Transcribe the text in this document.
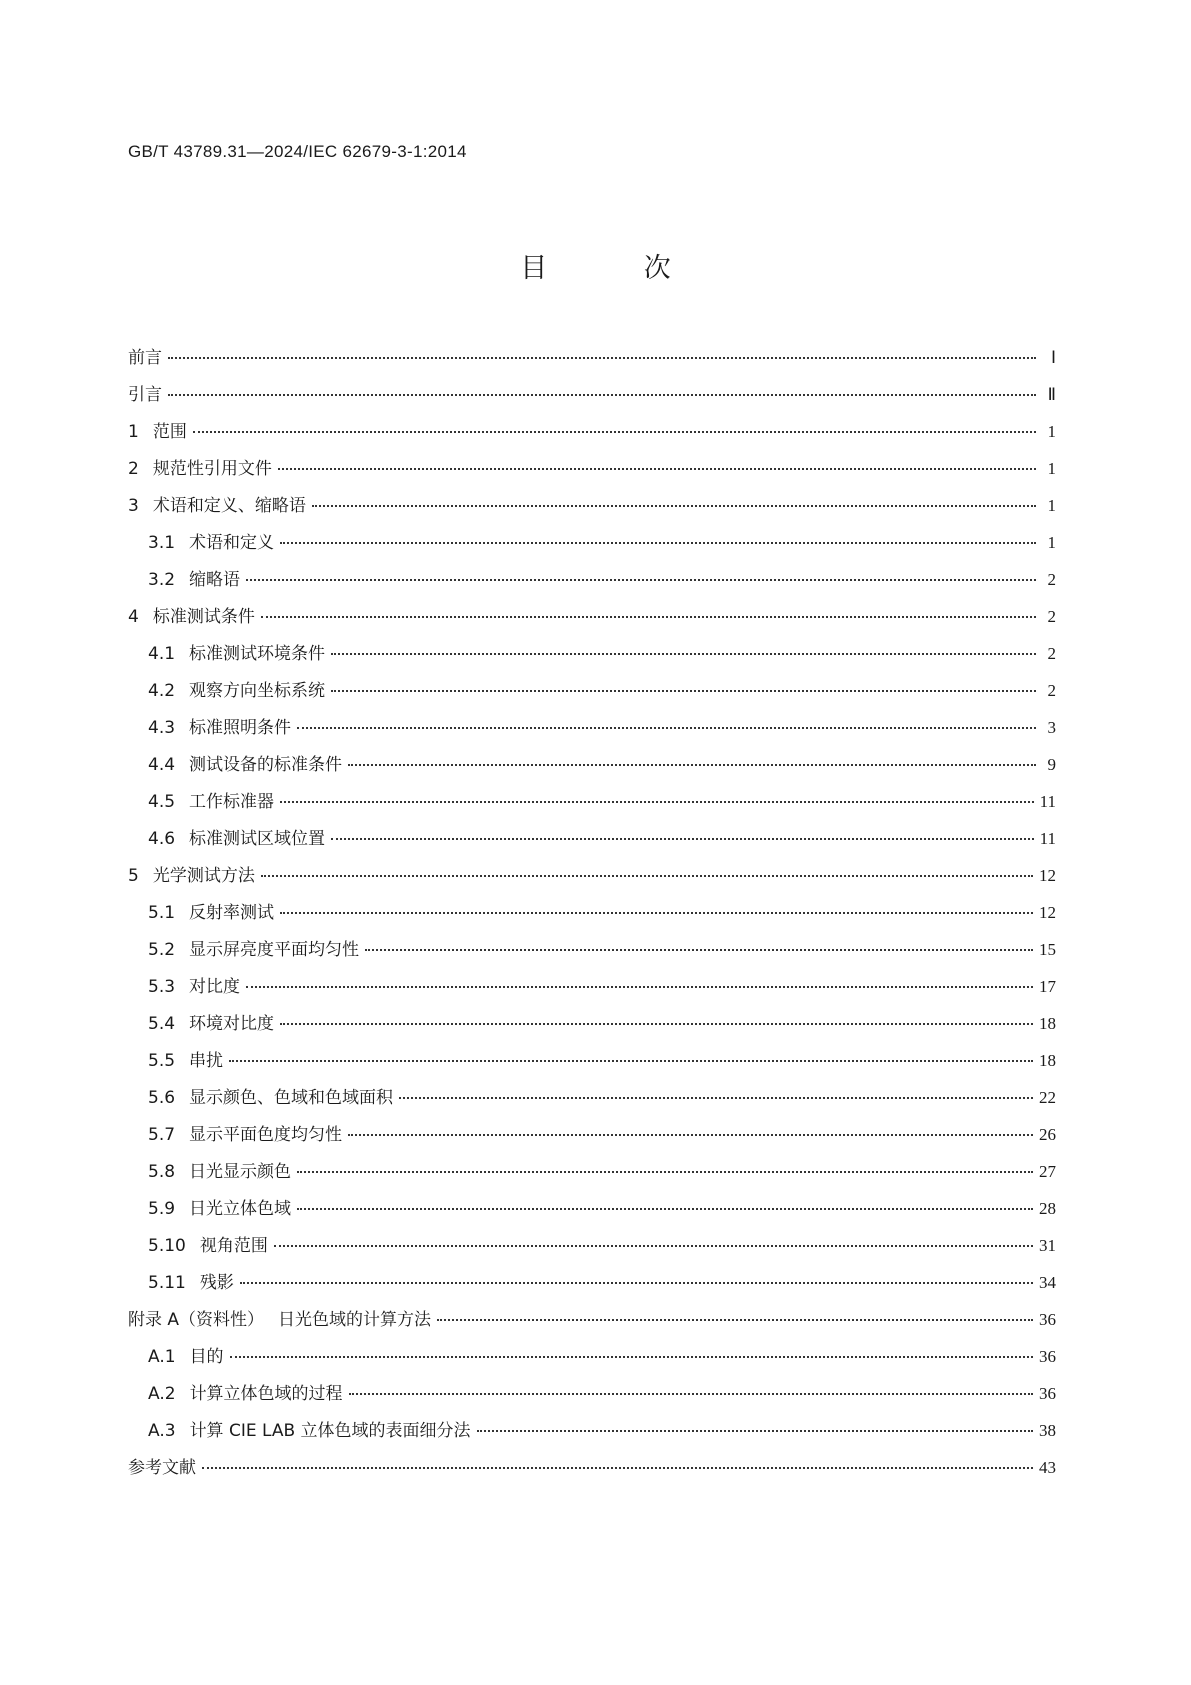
GB/T 43789.31—2024/IEC 62679-3-1:2014
目 次
前言	Ⅰ
引言	Ⅱ
1 范围	1
2 规范性引用文件	1
3 术语和定义、缩略语	1
3.1 术语和定义	1
3.2 缩略语	2
4 标准测试条件	2
4.1 标准测试环境条件	2
4.2 观察方向坐标系统	2
4.3 标准照明条件	3
4.4 测试设备的标准条件	9
4.5 工作标准器	11
4.6 标准测试区域位置	11
5 光学测试方法	12
5.1 反射率测试	12
5.2 显示屏亮度平面均匀性	15
5.3 对比度	17
5.4 环境对比度	18
5.5 串扰	18
5.6 显示颜色、色域和色域面积	22
5.7 显示平面色度均匀性	26
5.8 日光显示颜色	27
5.9 日光立体色域	28
5.10 视角范围	31
5.11 残影	34
附录 A（资料性） 日光色域的计算方法	36
A.1 目的	36
A.2 计算立体色域的过程	36
A.3 计算 CIE LAB 立体色域的表面细分法	38
参考文献	43
